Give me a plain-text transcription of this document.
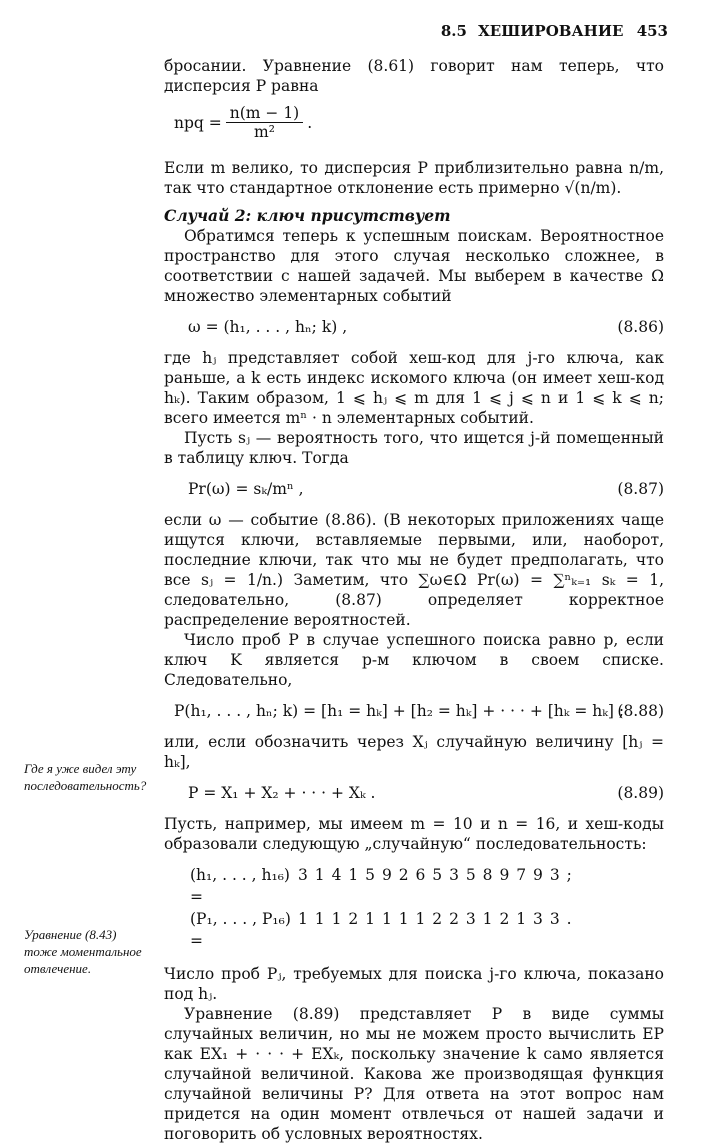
8.5 ХЕШИРОВАНИЕ 453

бросании. Уравнение (8.61) говорит нам теперь, что дисперсия P равна

npq = $\frac{n(m - 1)}{\text{m²}}$ .

Если m велико, то дисперсия P приблизительно равна n/m, так что стандартное отклонение есть примерно √(n/m).

Случай 2: ключ присутствует

Обратимся теперь к успешным поискам. Вероятностное пространство для этого случая несколько сложнее, в соответствии с нашей задачей. Мы выберем в качестве Ω множество элементарных событий

ω = (h₁, . . . , hₙ; k) ,	(8.86)

где hⱼ представляет собой хеш-код для j-го ключа, как раньше, а k есть индекс искомого ключа (он имеет хеш-код hₖ). Таким образом, 1 ⩽ hⱼ ⩽ m для 1 ⩽ j ⩽ n и 1 ⩽ k ⩽ n; всего имеется mⁿ · n элементарных событий.

Пусть sⱼ — вероятность того, что ищется j-й помещенный в таблицу ключ. Тогда

Pr(ω) = sₖ/mⁿ ,	(8.87)

если ω — событие (8.86). (В некоторых приложениях чаще ищутся ключи, вставляемые первыми, или, наоборот, последние ключи, так что мы не будет предполагать, что все sⱼ = 1/n.) Заметим, что ∑ω∈Ω Pr(ω) = ∑ⁿₖ₌₁ sₖ = 1, следовательно, (8.87) определяет корректное распределение вероятностей.

Число проб P в случае успешного поиска равно p, если ключ K является p-м ключом в своем списке. Следовательно,

P(h₁, . . . , hₙ; k) = [h₁ = hₖ] + [h₂ = hₖ] + · · · + [hₖ = hₖ] ;
(8.88)

или, если обозначить через Xⱼ случайную величину [hⱼ = hₖ],

P = X₁ + X₂ + · · · + Xₖ .	(8.89)

Пусть, например, мы имеем m = 10 и n = 16, и хеш-коды образовали следующую „случайную“ последовательность:

(h₁, . . . , h₁₆) =
3 1 4 1 5 9 2 6 5 3 5 8 9 7 9 3 ;
(P₁, . . . , P₁₆) =
1 1 1 2 1 1 1 1 2 2 3 1 2 1 3 3 .

Число проб Pⱼ, требуемых для поиска j-го ключа, показано под hⱼ.

Уравнение (8.89) представляет P в виде суммы случайных величин, но мы не можем просто вычислить EP как EX₁ + · · · + EXₖ, поскольку значение k само является случайной величиной. Какова же производящая функция случайной величины P? Для ответа на этот вопрос нам придется на один момент отвлечься от нашей задачи и поговорить об условных вероятностях.

Где я уже видел эту последовательность?
Уравнение (8.43) тоже моментальное отвлечение.
